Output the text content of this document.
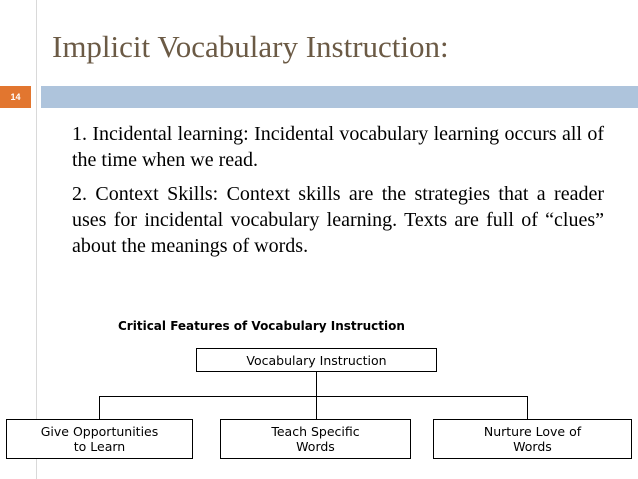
Implicit Vocabulary Instruction:
14

1. Incidental learning: Incidental vocabulary learning occurs all of the time when we read.

2. Context Skills: Context skills are the strategies that a reader uses for incidental vocabulary learning. Texts are full of “clues” about the meanings of words.

Critical Features of Vocabulary Instruction
Vocabulary Instruction
Give Opportunities
to Learn
Teach Specific
Words
Nurture Love of
Words
